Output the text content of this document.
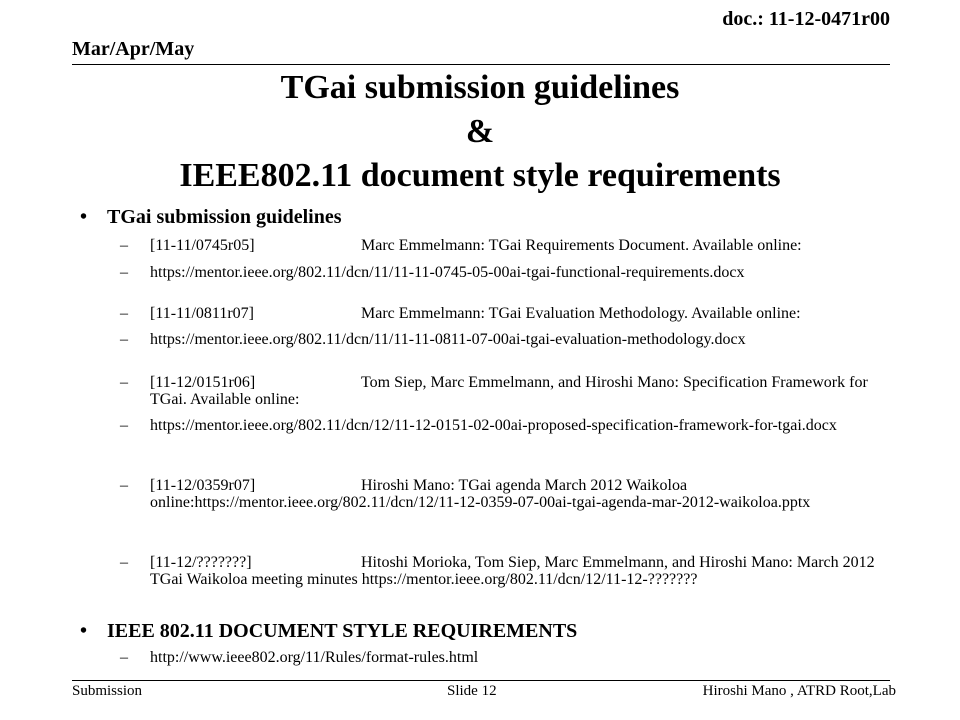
doc.: 11-12-0471r00
Mar/Apr/May
TGai submission guidelines
&
IEEE802.11 document style requirements
• TGai submission guidelines
– [11-11/0745r05]	Marc Emmelmann: TGai Requirements Document. Available online:
– https://mentor.ieee.org/802.11/dcn/11/11-11-0745-05-00ai-tgai-functional-requirements.docx
– [11-11/0811r07]	Marc Emmelmann: TGai Evaluation Methodology. Available online:
– https://mentor.ieee.org/802.11/dcn/11/11-11-0811-07-00ai-tgai-evaluation-methodology.docx
– [11-12/0151r06]	Tom Siep, Marc Emmelmann, and Hiroshi Mano: Specification Framework for TGai. Available online:
– https://mentor.ieee.org/802.11/dcn/12/11-12-0151-02-00ai-proposed-specification-framework-for-tgai.docx
– [11-12/0359r07]	Hiroshi Mano: TGai agenda March 2012 Waikoloa online:https://mentor.ieee.org/802.11/dcn/12/11-12-0359-07-00ai-tgai-agenda-mar-2012-waikoloa.pptx
– [11-12/???????]	Hitoshi Morioka, Tom Siep, Marc Emmelmann, and Hiroshi Mano: March 2012 TGai Waikoloa meeting minutes https://mentor.ieee.org/802.11/dcn/12/11-12-???????
• IEEE 802.11 DOCUMENT STYLE REQUIREMENTS
– http://www.ieee802.org/11/Rules/format-rules.html
Submission	Slide 12	Hiroshi Mano , ATRD Root,Lab
